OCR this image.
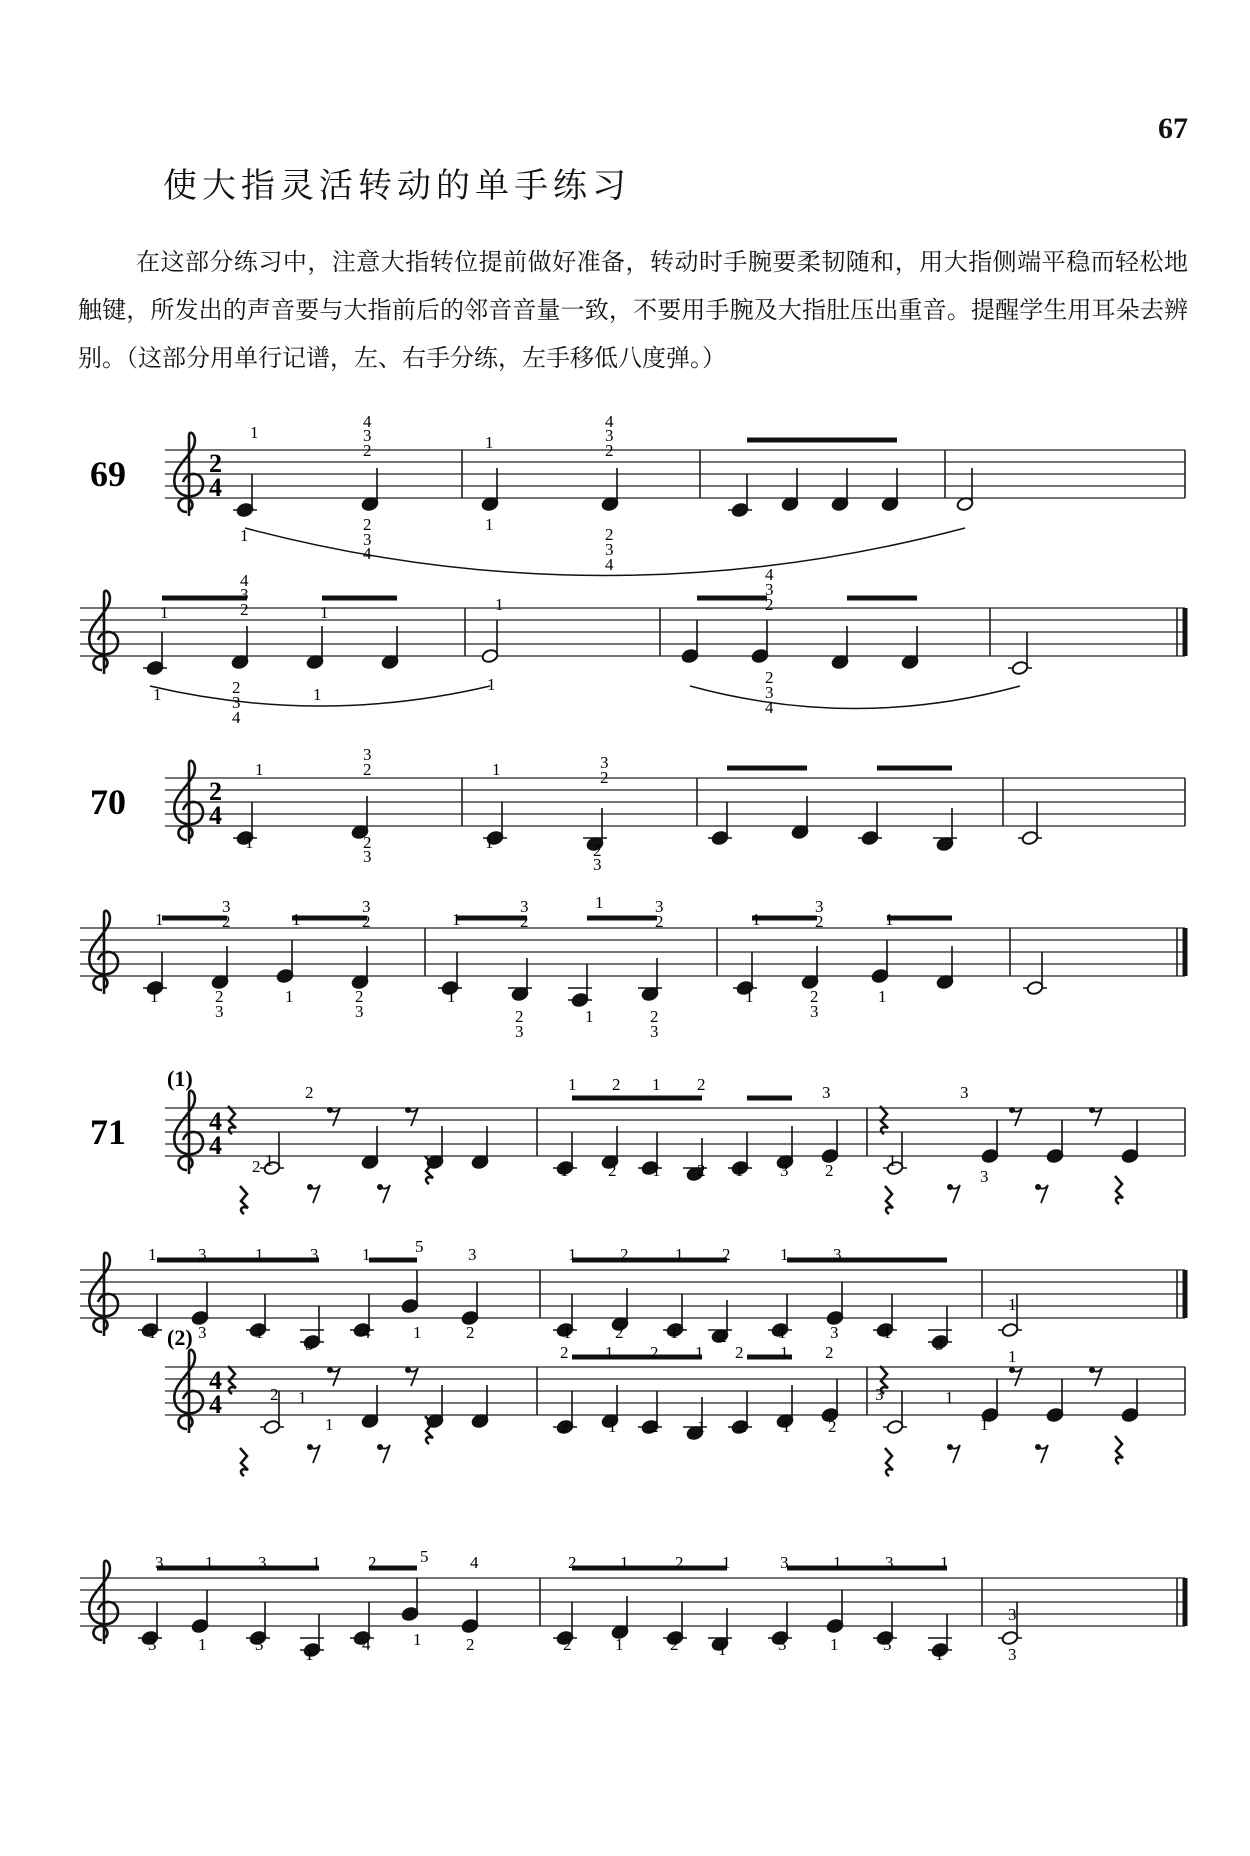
67
使大指灵活转动的单手练习

在这部分练习中，注意大指转位提前做好准备，转动时手腕要柔韧随和，用大指侧端平稳而轻松地触键，所发出的声音要与大指前后的邻音音量一致，不要用手腕及大指肚压出重音。提醒学生用耳朵去辨别。（这部分用单行记谱，左、右手分练，左手移低八度弹。）

2
4
69
2
4
70
4
4
71
(1)
4
4
(2)
1
1
4
3
2
2
3
4
1
1
4
3
2
2
3
4
1
1
4
3
2
2
3
4
1
1
1
1
4
3
2
2
3
4
1
1
3
2
2
3
1
1
3
2
2
3
1
1
3
2
2
3
1
1
3
2
2
3
1
1
3
2
2
3
1
1
3
2
2
3
1
1
3
2
2
3
1
1
2
1
2
1 2 1 2	3
1 2 1 2 1 3 2
1
3
3
1 3	1	3	1	5	3
1 3	1
5
4	1	2
1	2	1 2	1	3
1	2	1 2	1	3	1
3
1
1
2 1 2 1 2 1 2
2 1
1
3	1
1
2 1 2 1 2 1 2
3 1	3	1	2	5 4
3 1	3
1
4	1	2
2	1	2 1	3	1	3	1
2	1	2 1	3	1	3
1
3
3
